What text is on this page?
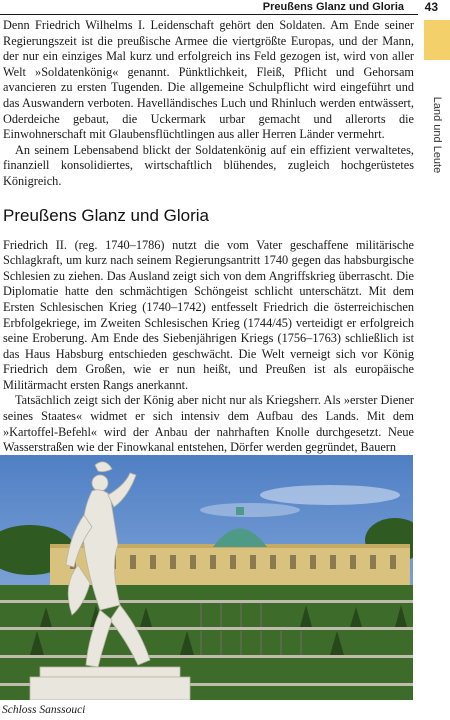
Preußens Glanz und Gloria 43
Land und Leute

Denn Friedrich Wilhelms I. Leidenschaft gehört den Soldaten. Am Ende seiner Regierungszeit ist die preußische Armee die viertgrößte Europas, und der Mann, der nur ein einziges Mal kurz und erfolgreich ins Feld gezogen ist, wird von aller Welt »Soldatenkönig« genannt. Pünktlichkeit, Fleiß, Pflicht und Gehorsam avancieren zu ersten Tugenden. Die allgemeine Schulpflicht wird eingeführt und das Auswandern verboten. Havelländisches Luch und Rhinluch werden entwässert, Oderdeiche gebaut, die Uckermark urbar gemacht und allerorts die Einwohnerschaft mit Glaubensflüchtlingen aus aller Herren Länder vermehrt.

An seinem Lebensabend blickt der Soldatenkönig auf ein effizient verwaltetes, finanziell konsolidiertes, wirtschaftlich blühendes, zugleich hochgerüstetes Königreich.

Preußens Glanz und Gloria

Friedrich II. (reg. 1740–1786) nutzt die vom Vater geschaffene militärische Schlagkraft, um kurz nach seinem Regierungsantritt 1740 gegen das habsburgische Schlesien zu ziehen. Das Ausland zeigt sich von dem Angriffskrieg überrascht. Die Diplomatie hatte den schmächtigen Schöngeist schlicht unterschätzt. Mit dem Ersten Schlesischen Krieg (1740–1742) entfesselt Friedrich die österreichischen Erbfolgekriege, im Zweiten Schlesischen Krieg (1744/45) verteidigt er erfolgreich seine Eroberung. Am Ende des Siebenjährigen Kriegs (1756–1763) schließlich ist das Haus Habsburg entschieden geschwächt. Die Welt verneigt sich vor König Friedrich dem Großen, wie er nun heißt, und Preußen ist als europäische Militärmacht ersten Rangs anerkannt.

Tatsächlich zeigt sich der König aber nicht nur als Kriegsherr. Als »erster Diener seines Staates« widmet er sich intensiv dem Aufbau des Lands. Mit dem »Kartoffel-Befehl« wird der Anbau der nahrhaften Knolle durchgesetzt. Neue Wasserstraßen wie der Finowkanal entstehen, Dörfer werden gegründet, Bauern

Schloss Sanssouci
